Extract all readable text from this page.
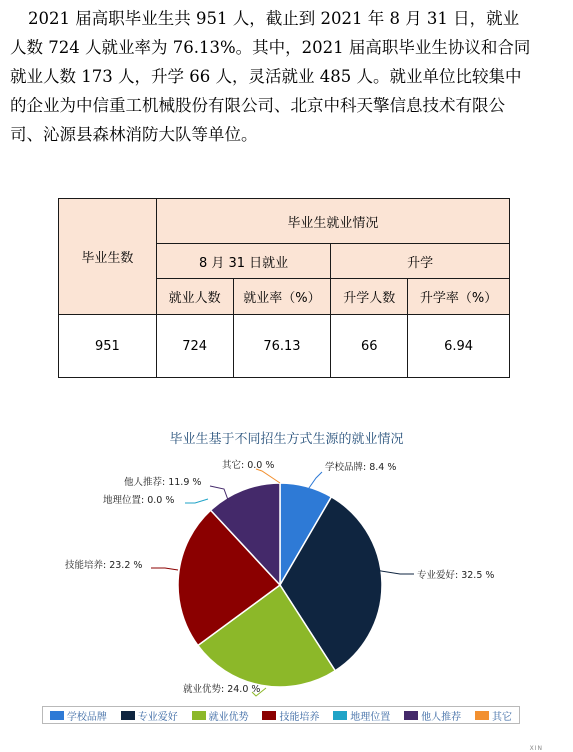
2021 届高职毕业生共 951 人，截止到 2021 年 8 月 31 日，就业
人数 724 人就业率为 76.13%。其中，2021 届高职毕业生协议和合同
就业人数 173 人，升学 66 人，灵活就业 485 人。就业单位比较集中
的企业为中信重工机械股份有限公司、北京中科天擎信息技术有限公
司、沁源县森林消防大队等单位。
毕业生数	毕业生就业情况			
	8 月 31 日就业		升学	
	就业人数	就业率（%）	升学人数	升学率（%）
951	724	76.13	66	6.94
毕业生基于不同招生方式生源的就业情况
学校品牌: 8.4 %
专业爱好: 32.5 %
就业优势: 24.0 %
技能培养: 23.2 %
地理位置: 0.0 %
他人推荐: 11.9 %
其它: 0.0 %
学校品牌	专业爱好	就业优势	技能培养	地理位置	他人推荐	其它
XIN
